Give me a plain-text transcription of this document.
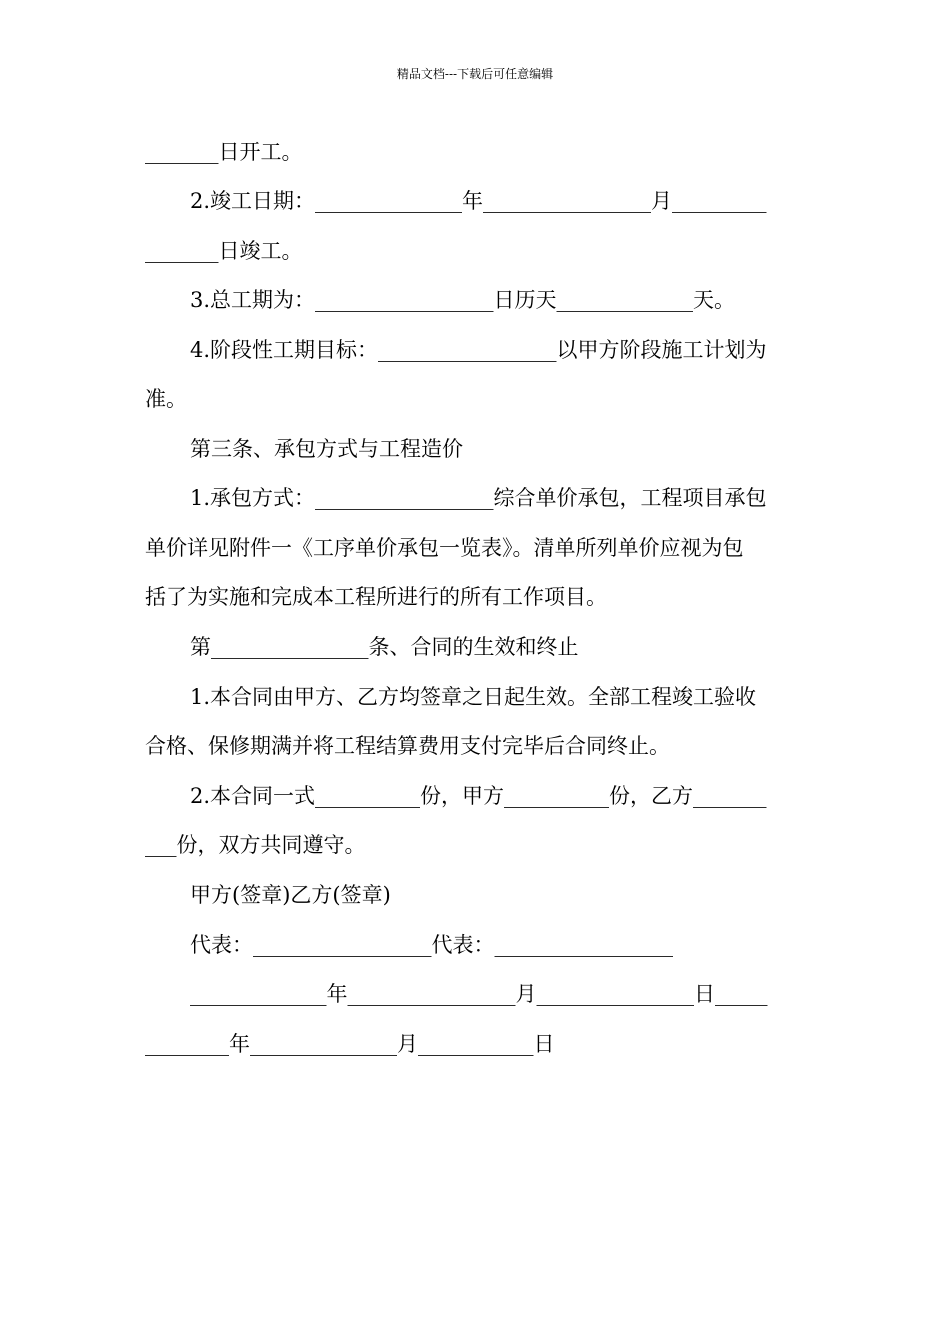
精品文档---下载后可任意编辑
_______日开工。
2.竣工日期：______________年________________月_________
_______日竣工。
3.总工期为：_________________日历天_____________天。
4.阶段性工期目标：_________________以甲方阶段施工计划为
准。
第三条、承包方式与工程造价
1.承包方式：_________________综合单价承包，工程项目承包
单价详见附件一《工序单价承包一览表》。清单所列单价应视为包
括了为实施和完成本工程所进行的所有工作项目。
第_______________条、合同的生效和终止
1.本合同由甲方、乙方均签章之日起生效。全部工程竣工验收
合格、保修期满并将工程结算费用支付完毕后合同终止。
2.本合同一式__________份，甲方__________份，乙方_______
___份，双方共同遵守。
甲方(签章)乙方(签章)
代表：_________________代表：_________________
_____________年________________月_______________日_____
________年______________月___________日
